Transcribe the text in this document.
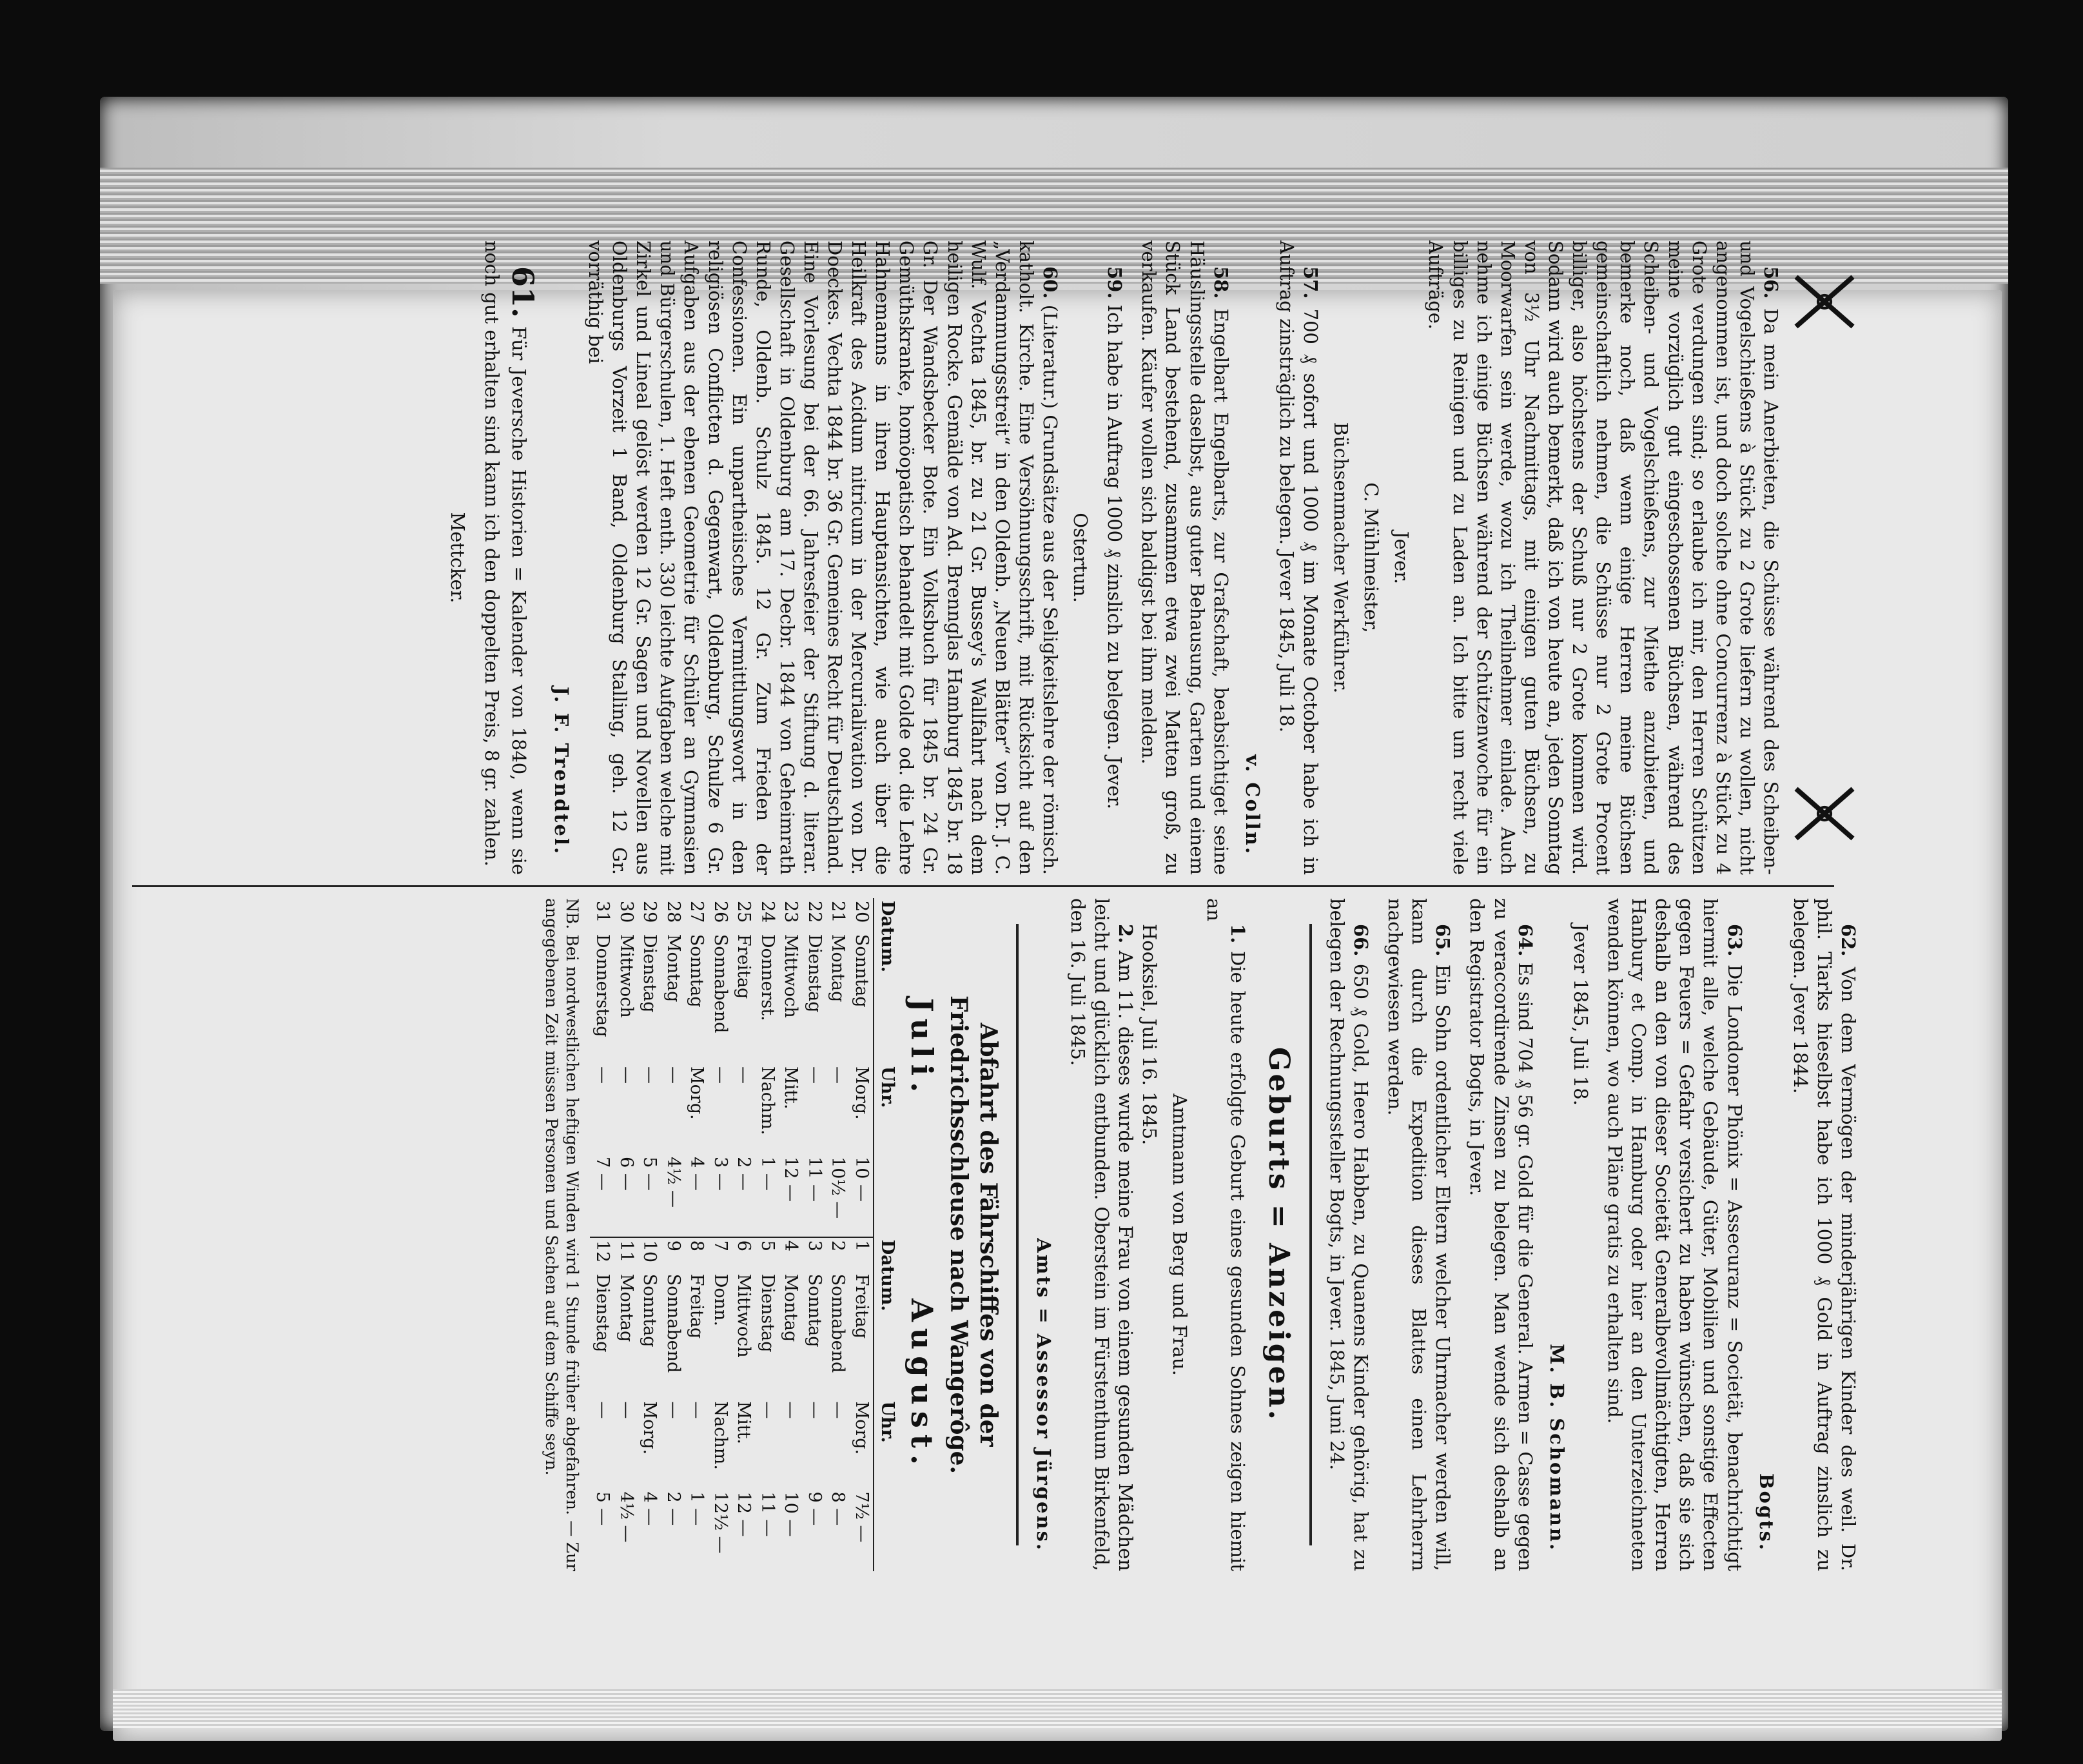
56. Da mein Anerbieten, die Schüsse während des Scheiben- und Vogelschießens à Stück zu 2 Grote liefern zu wollen, nicht angenommen ist, und doch solche ohne Concurrenz à Stück zu 4 Grote verdungen sind; so erlaube ich mir, den Herren Schützen meine vorzüglich gut eingeschossenen Büchsen, während des Scheiben- und Vogelschießens, zur Miethe anzubieten, und bemerke noch, daß wenn einige Herren meine Büchsen gemeinschaftlich nehmen, die Schüsse nur 2 Grote Procent billiger, also höchstens der Schuß nur 2 Grote kommen wird. Sodann wird auch bemerkt, daß ich von heute an, jeden Sonntag von 3½ Uhr Nachmittags, mit einigen guten Büchsen, zu Moorwarfen sein werde, wozu ich Theilnehmer einlade. Auch nehme ich einige Büchsen während der Schützenwoche für ein billiges zu Reinigen und zu Laden an. Ich bitte um recht viele Aufträge.

Jever.
C. Mühlmeister,
Büchsenmacher Werkführer.

57. 700 ₰ sofort und 1000 ₰ im Monate October habe ich in Auftrag zinsträglich zu belegen. Jever 1845, Juli 18.

v. Colln.

58. Engelbart Engelbarts, zur Grafschaft, beabsichtiget seine Häuslingsstelle daselbst, aus guter Behausung, Garten und einem Stück Land bestehend, zusammen etwa zwei Matten groß, zu verkaufen. Käufer wollen sich baldigst bei ihm melden.

59. Ich habe in Auftrag 1000 ₰ zinslich zu belegen. Jever.

Ostertun.

60. (Literatur.) Grundsätze aus der Seligkeitslehre der römisch. katholt. Kirche. Eine Versöhnungsschrift, mit Rücksicht auf den „Verdammungsstreit“ in den Oldenb. „Neuen Blätter“ von Dr. J. C. Wulf. Vechta 1845, br. zu 21 Gr. Bussey's Wallfahrt nach dem heiligen Rocke. Gemälde von Ad. Brennglas Hamburg 1845 br. 18 Gr. Der Wandsbecker Bote. Ein Volksbuch für 1845 br. 24 Gr. Gemüthskranke, homöopatisch behandelt mit Golde od. die Lehre Hahnemanns in ihren Hauptansichten, wie auch über die Heilkraft des Acidum nitricum in der Mercurialivation von Dr. Doeckes. Vechta 1844 br. 36 Gr. Gemeines Recht für Deutschland. Eine Vorlesung bei der 66. Jahresfeier der Stiftung d. literar. Gesellschaft in Oldenburg am 17. Decbr. 1844 von Geheimrath Runde, Oldenb. Schulz 1845. 12 Gr. Zum Frieden der Confessionen. Ein unpartheiisches Vermittlungswort in den religiösen Conflicten d. Gegenwart, Oldenburg, Schulze 6 Gr. Aufgaben aus der ebenen Geometrie für Schüler an Gymnasien und Bürgerschulen, 1. Heft enth. 330 leichte Aufgaben welche mit Zirkel und Lineal gelöst werden 12 Gr. Sagen und Novellen aus Oldenburgs Vorzeit 1 Band, Oldenburg Stalling, geh. 12 Gr. vorräthig bei

J. F. Trendtel.

61. Für Jeversche Historien = Kalender von 1840, wenn sie noch gut erhalten sind kann ich den doppelten Preis, 8 gr. zahlen.

Mettcker.

62. Von dem Vermögen der minderjährigen Kinder des weil. Dr. phil. Tiarks hieselbst habe ich 1000 ₰ Gold in Auftrag zinslich zu belegen. Jever 1844.

Bogts.

63. Die Londoner Phönix = Assecuranz = Societät, benachrichtigt hiermit alle, welche Gebäude, Güter, Mobilien und sonstige Effecten gegen Feuers = Gefahr versichert zu haben wünschen, daß sie sich deshalb an den von dieser Societät Generalbevollmächtigten, Herren Hanbury et Comp. in Hamburg oder hier an den Unterzeichneten wenden können, wo auch Pläne gratis zu erhalten sind.

Jever 1845, Juli 18.
M. B. Schomann.

64. Es sind 704 ₰ 56 gr. Gold für die General. Armen = Casse gegen zu veraccordirende Zinsen zu belegen. Man wende sich deshalb an den Registrator Bogts, in Jever.

65. Ein Sohn ordentlicher Eltern welcher Uhrmacher werden will, kann durch die Expedition dieses Blattes einen Lehrherrn nachgewiesen werden.

66. 650 ₰ Gold, Heero Habben, zu Quanens Kinder gehörig, hat zu belegen der Rechnungssteller Bogts, in Jever. 1845, Juni 24.

Geburts = Anzeigen.

1. Die heute erfolgte Geburt eines gesunden Sohnes zeigen hiemit an

Amtmann von Berg und Frau.
Hooksiel, Juli 16. 1845.

2. Am 11. dieses wurde meine Frau von einem gesunden Mädchen leicht und glücklich entbunden. Oberstein im Fürstenthum Birkenfeld, den 16. Juli 1845.

Amts = Assessor Jürgens.
Abfahrt des Fährschiffes von der Friedrichsschleuse nach Wangerôge.
Juli.
August.
Datum.		Uhr.		Datum.		Uhr.	
20	Sonntag	Morg.	10 —	1	Freitag	Morg.	7½ —
21	Montag	—	10½ —	2	Sonnabend	—	8 —
22	Dienstag	—	11 —	3	Sonntag	—	9 —
23	Mittwoch	Mitt.	12 —	4	Montag	—	10 —
24	Donnerst.	Nachm.	1 —	5	Dienstag	—	11 —
25	Freitag	—	2 —	6	Mittwoch	Mitt.	12 —
26	Sonnabend	—	3 —	7	Donn.	Nachm.	12½ —
27	Sonntag	Morg.	4 —	8	Freitag	—	1 —
28	Montag	—	4½ —	9	Sonnabend	—	2 —
29	Dienstag	—	5 —	10	Sonntag	Morg.	4 —
30	Mittwoch	—	6 —	11	Montag	—	4½ —
31	Donnerstag	—	7 —	12	Dienstag	—	5 —
NB. Bei nordwestlichen heftigen Winden wird 1 Stunde früher abgefahren. — Zur angegebenen Zeit müssen Personen und Sachen auf dem Schiffe seyn.
